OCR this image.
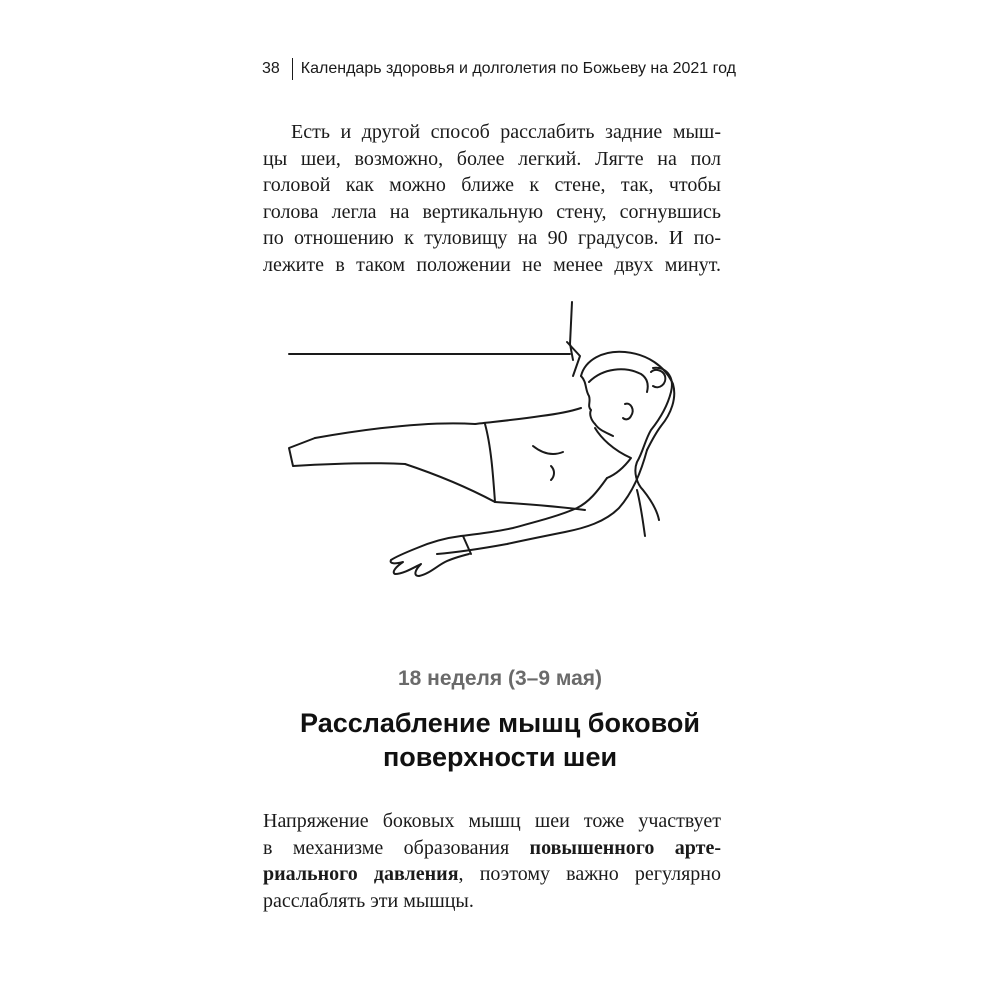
38 Календарь здоровья и долголетия по Божьеву на 2021 год
Есть и другой способ расслабить задние мыш-
цы шеи, возможно, более легкий. Лягте на пол
головой как можно ближе к стене, так, чтобы
голова легла на вертикальную стену, согнувшись
по отношению к туловищу на 90 градусов. И по-
лежите в таком положении не менее двух минут.
18 неделя (3–9 мая)
Расслабление мышц боковой
поверхности шеи
Напряжение боковых мышц шеи тоже участвует
в механизме образования повышенного арте-
риального давления, поэтому важно регулярно
расслаблять эти мышцы.
